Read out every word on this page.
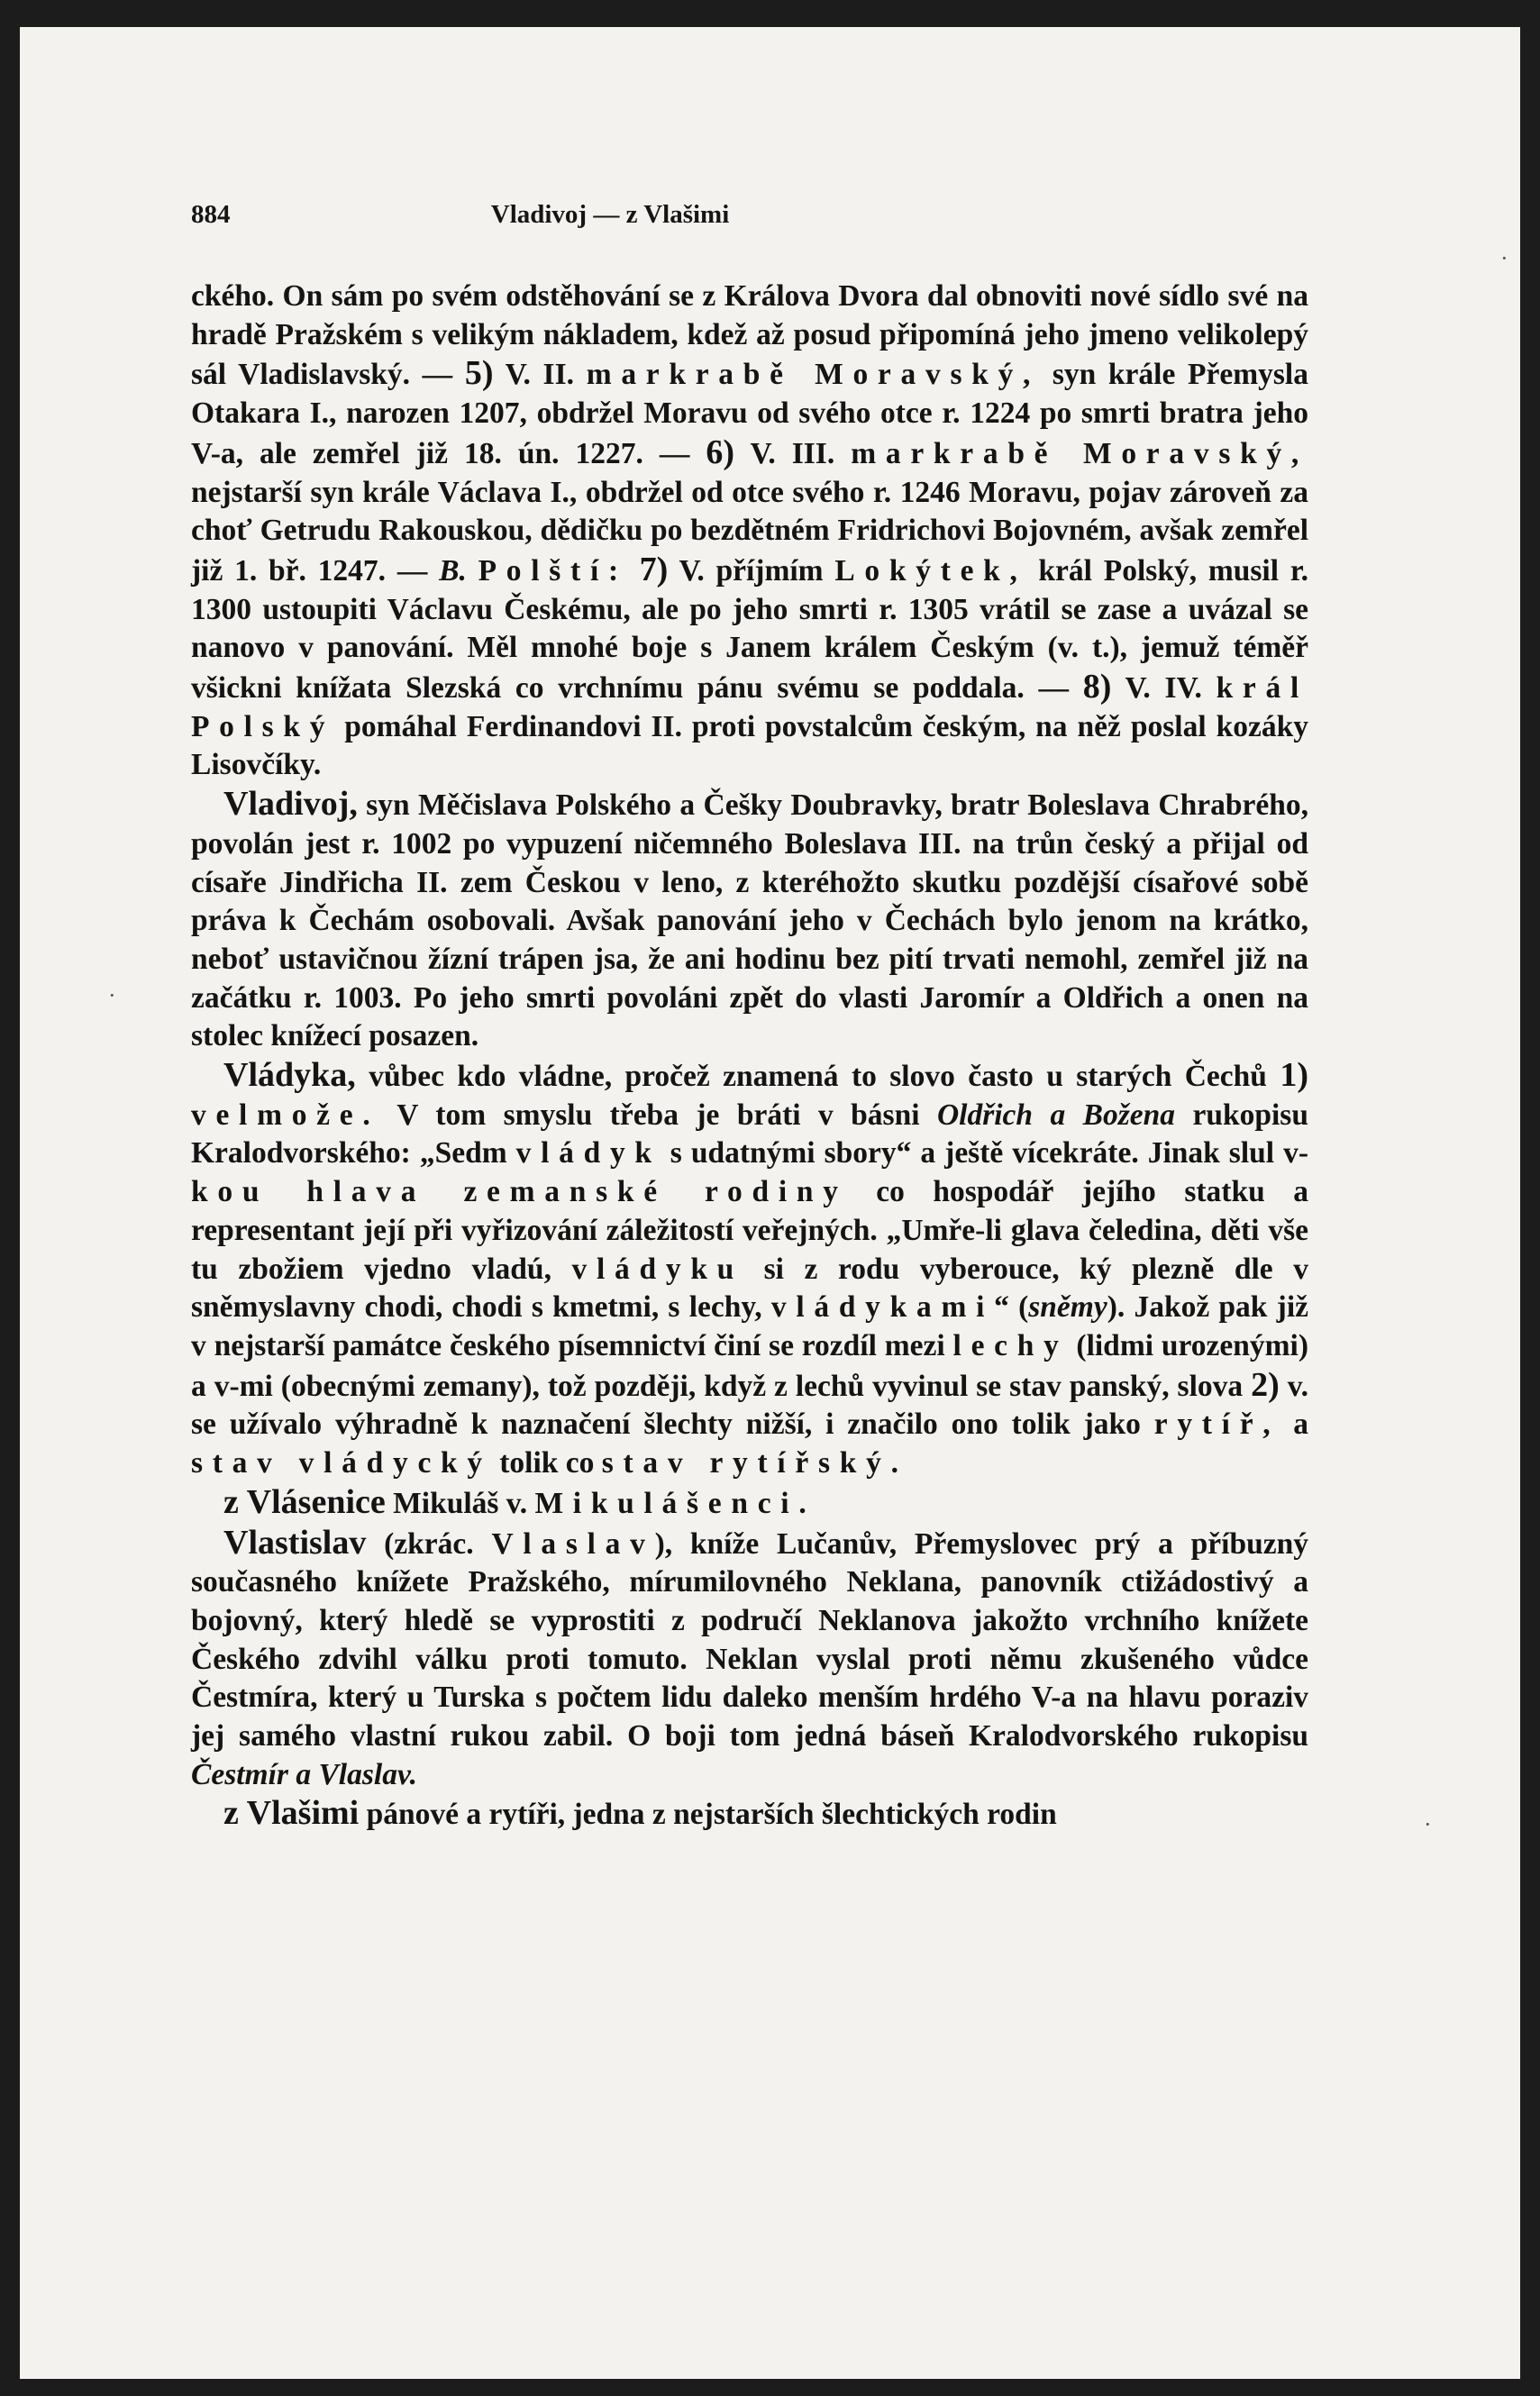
884	Vladivoj — z Vlašimi

ckého. On sám po svém odstěhování se z Králova Dvora dal obnoviti nové sídlo své na hradě Pražském s velikým nákladem, kdež až posud připomíná jeho jmeno velikolepý sál Vladislavský. — 5) V. II. markrabě Moravský, syn krále Přemysla Otakara I., narozen 1207, obdržel Moravu od svého otce r. 1224 po smrti bratra jeho V-a, ale zemřel již 18. ún. 1227. — 6) V. III. markrabě Moravský, nejstarší syn krále Václava I., obdržel od otce svého r. 1246 Moravu, pojav zároveň za choť Getrudu Rakouskou, dědičku po bezdětném Fridrichovi Bojovném, avšak zemřel již 1. bř. 1247. — B. Polští: 7) V. příjmím Lokýtek, král Polský, musil r. 1300 ustoupiti Václavu Českému, ale po jeho smrti r. 1305 vrátil se zase a uvázal se nanovo v panování. Měl mnohé boje s Janem králem Českým (v. t.), jemuž téměř všickni knížata Slezská co vrchnímu pánu svému se poddala. — 8) V. IV. král Polský pomáhal Ferdinandovi II. proti povstalcům českým, na něž poslal kozáky Lisovčíky.

Vladivoj, syn Měčislava Polského a Češky Doubravky, bratr Boleslava Chrabrého, povolán jest r. 1002 po vypuzení ničemného Boleslava III. na trůn český a přijal od císaře Jindřicha II. zem Českou v leno, z kteréhožto skutku pozdější císařové sobě práva k Čechám osobovali. Avšak panování jeho v Čechách bylo jenom na krátko, neboť ustavičnou žízní trápen jsa, že ani hodinu bez pití trvati nemohl, zemřel již na začátku r. 1003. Po jeho smrti povoláni zpět do vlasti Jaromír a Oldřich a onen na stolec knížecí posazen.

Vládyka, vůbec kdo vládne, pročež znamená to slovo často u starých Čechů 1) velmože. V tom smyslu třeba je bráti v básni Oldřich a Božena rukopisu Kralodvorského: „Sedm vládyk s udatnými sbory“ a ještě vícekráte. Jinak slul v-kou hlava zemanské rodiny co hospodář jejího statku a representant její při vyřizování záležitostí veřejných. „Umře-li glava čeledina, děti vše tu zbožiem vjedno vladú, vládyku si z rodu vyberouce, ký plezně dle v sněmyslavny chodi, chodi s kmetmi, s lechy, vládykami“ (sněmy). Jakož pak již v nejstarší památce českého písemnictví činí se rozdíl mezi lechy (lidmi urozenými) a v-mi (obecnými zemany), tož později, když z lechů vyvinul se stav panský, slova 2) v. se užívalo výhradně k naznačení šlechty nižší, i značilo ono tolik jako rytíř, a stav vládycký tolik co stav rytířský.

z Vlásenice Mikuláš v. Mikulášenci.

Vlastislav (zkrác. Vlaslav), kníže Lučanův, Přemyslovec prý a příbuzný současného knížete Pražského, mírumilovného Neklana, panovník ctižádostivý a bojovný, který hledě se vyprostiti z područí Neklanova jakožto vrchního knížete Českého zdvihl válku proti tomuto. Neklan vyslal proti němu zkušeného vůdce Čestmíra, který u Turska s počtem lidu daleko menším hrdého V-a na hlavu poraziv jej samého vlastní rukou zabil. O boji tom jedná báseň Kralodvorského rukopisu Čestmír a Vlaslav.

z Vlašimi pánové a rytíři, jedna z nejstarších šlechtických rodin

·
·
·
